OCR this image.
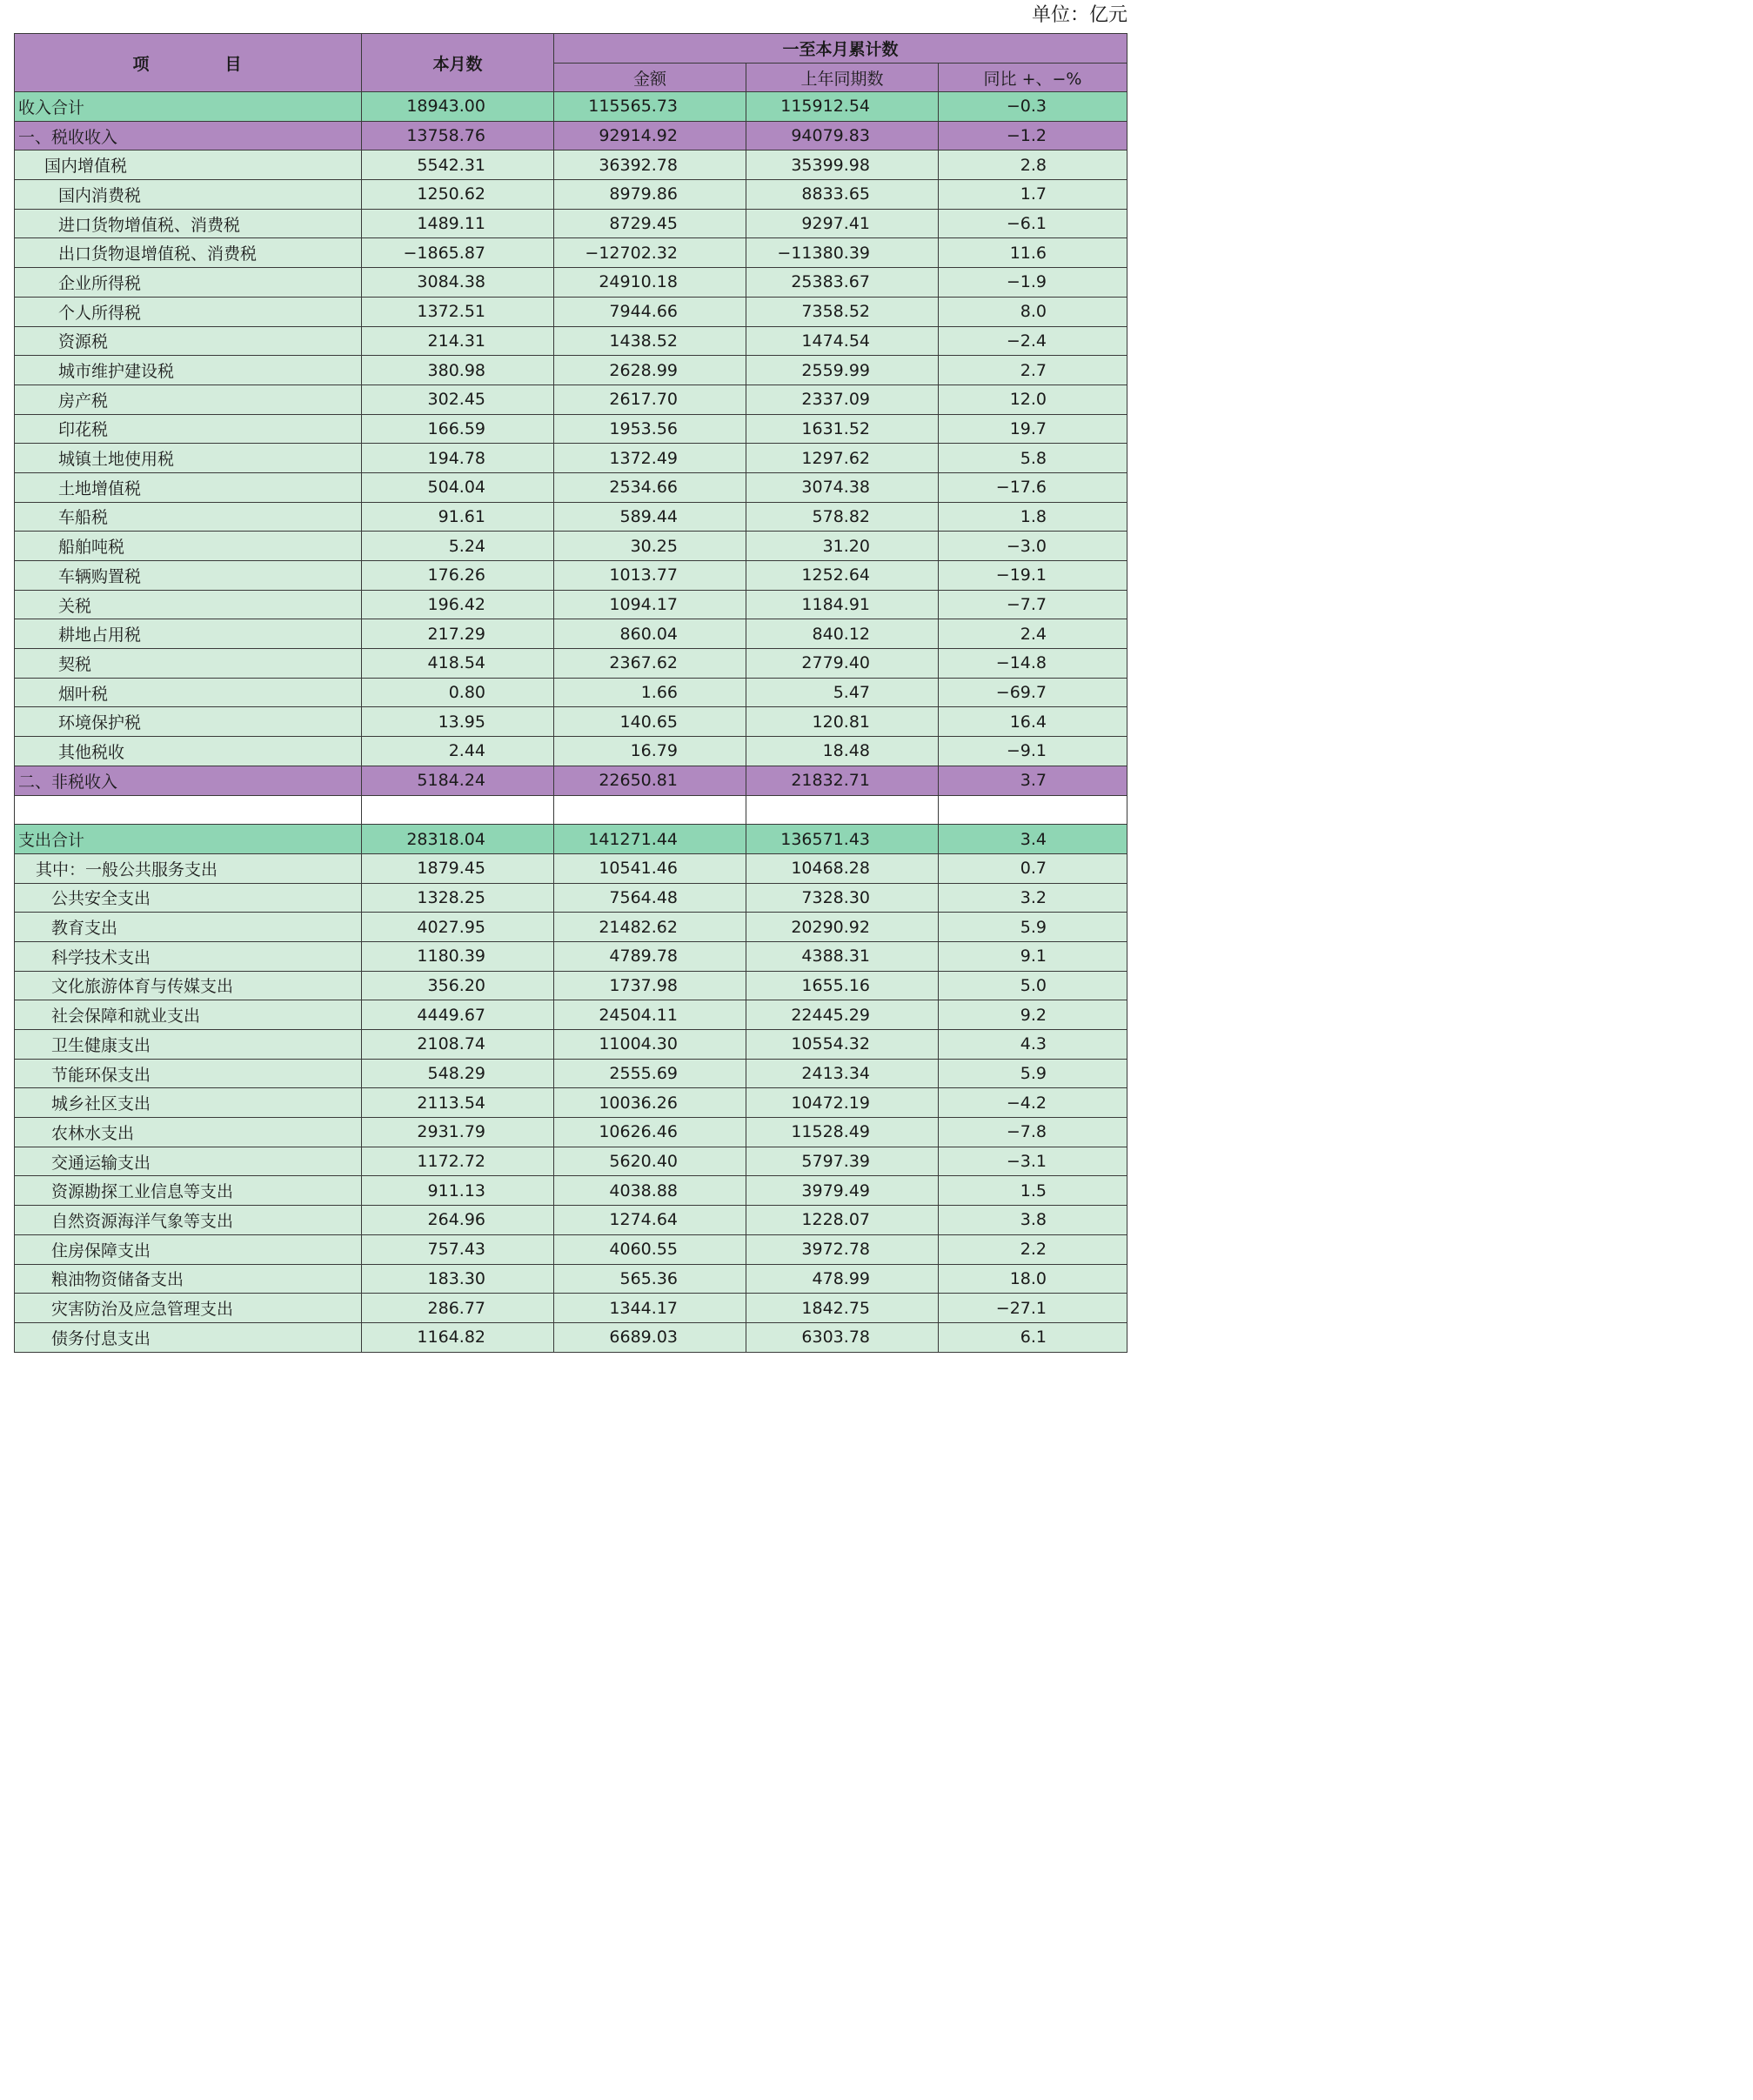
单位：亿元
项　目	本月数	一至本月累计数		
		金额	上年同期数	同比 +、−%
收入合计	18943.00	115565.73	115912.54	−0.3
一、税收收入	13758.76	92914.92	94079.83	−1.2
国内增值税	5542.31	36392.78	35399.98	2.8
国内消费税	1250.62	8979.86	8833.65	1.7
进口货物增值税、消费税	1489.11	8729.45	9297.41	−6.1
出口货物退增值税、消费税	−1865.87	−12702.32	−11380.39	11.6
企业所得税	3084.38	24910.18	25383.67	−1.9
个人所得税	1372.51	7944.66	7358.52	8.0
资源税	214.31	1438.52	1474.54	−2.4
城市维护建设税	380.98	2628.99	2559.99	2.7
房产税	302.45	2617.70	2337.09	12.0
印花税	166.59	1953.56	1631.52	19.7
城镇土地使用税	194.78	1372.49	1297.62	5.8
土地增值税	504.04	2534.66	3074.38	−17.6
车船税	91.61	589.44	578.82	1.8
船舶吨税	5.24	30.25	31.20	−3.0
车辆购置税	176.26	1013.77	1252.64	−19.1
关税	196.42	1094.17	1184.91	−7.7
耕地占用税	217.29	860.04	840.12	2.4
契税	418.54	2367.62	2779.40	−14.8
烟叶税	0.80	1.66	5.47	−69.7
环境保护税	13.95	140.65	120.81	16.4
其他税收	2.44	16.79	18.48	−9.1
二、非税收入	5184.24	22650.81	21832.71	3.7

支出合计	28318.04	141271.44	136571.43	3.4
其中：一般公共服务支出	1879.45	10541.46	10468.28	0.7
公共安全支出	1328.25	7564.48	7328.30	3.2
教育支出	4027.95	21482.62	20290.92	5.9
科学技术支出	1180.39	4789.78	4388.31	9.1
文化旅游体育与传媒支出	356.20	1737.98	1655.16	5.0
社会保障和就业支出	4449.67	24504.11	22445.29	9.2
卫生健康支出	2108.74	11004.30	10554.32	4.3
节能环保支出	548.29	2555.69	2413.34	5.9
城乡社区支出	2113.54	10036.26	10472.19	−4.2
农林水支出	2931.79	10626.46	11528.49	−7.8
交通运输支出	1172.72	5620.40	5797.39	−3.1
资源勘探工业信息等支出	911.13	4038.88	3979.49	1.5
自然资源海洋气象等支出	264.96	1274.64	1228.07	3.8
住房保障支出	757.43	4060.55	3972.78	2.2
粮油物资储备支出	183.30	565.36	478.99	18.0
灾害防治及应急管理支出	286.77	1344.17	1842.75	−27.1
债务付息支出	1164.82	6689.03	6303.78	6.1
